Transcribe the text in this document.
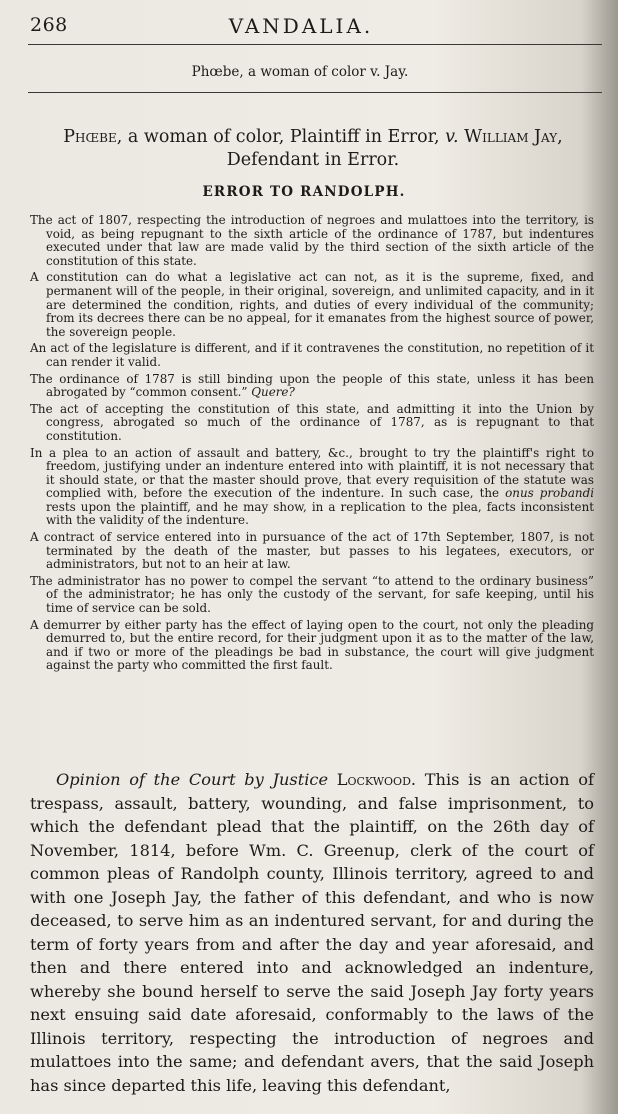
268	VANDALIA.
Phœbe, a woman of color v. Jay.
Phœbe, a woman of color, Plaintiff in Error, v. William Jay, Defendant in Error.
ERROR TO RANDOLPH.

The act of 1807, respecting the introduction of negroes and mulattoes into the territory, is void, as being repugnant to the sixth article of the ordinance of 1787, but indentures executed under that law are made valid by the third section of the sixth article of the constitution of this state.

A constitution can do what a legislative act can not, as it is the supreme, fixed, and permanent will of the people, in their original, sovereign, and unlimited capacity, and in it are determined the condition, rights, and duties of every individual of the community; from its decrees there can be no appeal, for it emanates from the highest source of power, the sovereign people.

An act of the legislature is different, and if it contravenes the constitution, no repetition of it can render it valid.

The ordinance of 1787 is still binding upon the people of this state, unless it has been abrogated by “common consent.” Quere?

The act of accepting the constitution of this state, and admitting it into the Union by congress, abrogated so much of the ordinance of 1787, as is repugnant to that constitution.

In a plea to an action of assault and battery, &c., brought to try the plaintiff's right to freedom, justifying under an indenture entered into with plaintiff, it is not necessary that it should state, or that the master should prove, that every requisition of the statute was complied with, before the execution of the indenture. In such case, the onus probandi rests upon the plaintiff, and he may show, in a replication to the plea, facts inconsistent with the validity of the indenture.

A contract of service entered into in pursuance of the act of 17th September, 1807, is not terminated by the death of the master, but passes to his legatees, executors, or administrators, but not to an heir at law.

The administrator has no power to compel the servant “to attend to the ordinary business” of the administrator; he has only the custody of the servant, for safe keeping, until his time of service can be sold.

A demurrer by either party has the effect of laying open to the court, not only the pleading demurred to, but the entire record, for their judgment upon it as to the matter of the law, and if two or more of the pleadings be bad in substance, the court will give judgment against the party who committed the first fault.

Opinion of the Court by Justice Lockwood. This is an action of trespass, assault, battery, wounding, and false imprisonment, to which the defendant plead that the plaintiff, on the 26th day of November, 1814, before Wm. C. Greenup, clerk of the court of common pleas of Randolph county, Illinois territory, agreed to and with one Joseph Jay, the father of this defendant, and who is now deceased, to serve him as an indentured servant, for and during the term of forty years from and after the day and year aforesaid, and then and there entered into and acknowledged an indenture, whereby she bound herself to serve the said Joseph Jay forty years next ensuing said date aforesaid, conformably to the laws of the Illinois territory, respecting the introduction of negroes and mulattoes into the same; and defendant avers, that the said Joseph has since departed this life, leaving this defendant,
